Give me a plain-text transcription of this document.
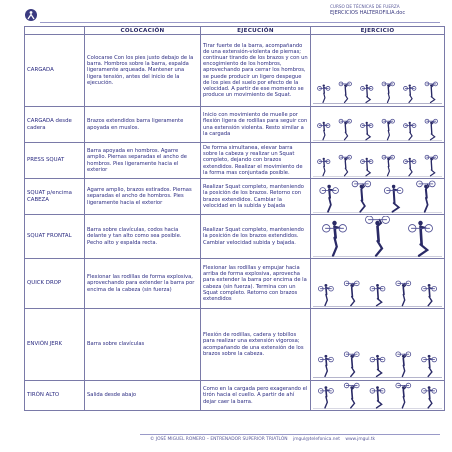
CURSO DE TÉCNICAS DE FUERZA
EJERCICIOS HALTEROFILIA.doc
	COLOCACIÓN	EJECUCIÓN	EJERCICIO
CARGADA	Colocarse Con los pies justo debajo de la barra. Hombros sobre la barra, espalda ligeramente arqueada. Mantener una ligera tensión, antes del inicio de la ejecución.	Tirar fuerte de la barra, acompañando de una extensión-violenta de piernas; continuar tirando de los brazos y con un encogimiento de los hombros, aprovechando para cerrar los hombros, se puede producir un ligero despegue de los pies del suelo por efecto de la velocidad. A partir de ese momento se produce un movimiento de Squat.	

CARGADA desde cadera	Brazos extendidos barra ligeramente apoyada en muslos.	Inicio con movimiento de muelle por flexión ligera de rodillas para seguir con una extensión violenta. Resto similar a la cargada	

PRESS SQUAT	Barra apoyada en hombros. Agarre amplio. Piernas separadas el ancho de hombros. Pies ligeramente hacia el exterior	De forma simultanea, elevar barra sobre la cabeza y realizar un Squat completo, dejando con brazos extendidos. Realizar el movimiento de la forma mas conjuntada posible.	

SQUAT p/encima CABEZA	Agarre amplio, brazos estirados. Piernas separadas el ancho de hombros. Pies ligeramente hacia el exterior	Realizar Squat completo, manteniendo la posición de los brazos. Retorno con brazos extendidos. Cambiar la velocidad en la subida y bajada	

SQUAT FRONTAL	Barra sobre clavículas, codos hacia delante y tan alto como sea posible. Pecho alto y espalda recta.	Realizar Squat completo, manteniendo la posición de los brazos extendidos. Cambiar velocidad subida y bajada.	

QUICK DROP	Flexionar las rodillas de forma explosiva, aprovechando para extender la barra por encima de la cabeza (sin fuerza)	Flexionar las rodillas y empujar hacia arriba de forma explosiva, aprovecha para extender la barra por encima de la cabeza (sin fuerza). Termina con un Squat completo. Retorno con brazos extendidos	

ENVIÓN JERK	Barra sobre clavículas	Flexión de rodillas, cadera y tobillos para realizar una extensión vigorosa; acompañando de una extensión de los brazos sobre la cabeza.	

TIRÓN ALTO	Salida desde abajo	Como en la cargada pero exagerando el tirón hacia el cuello. A partir de ahí dejar caer la barra.	
© JOSÉ MIGUEL ROMERO – ENTRENADOR SUPERIOR TRIATLÓN jmgul@telefonica.net www.jmgul.tk
